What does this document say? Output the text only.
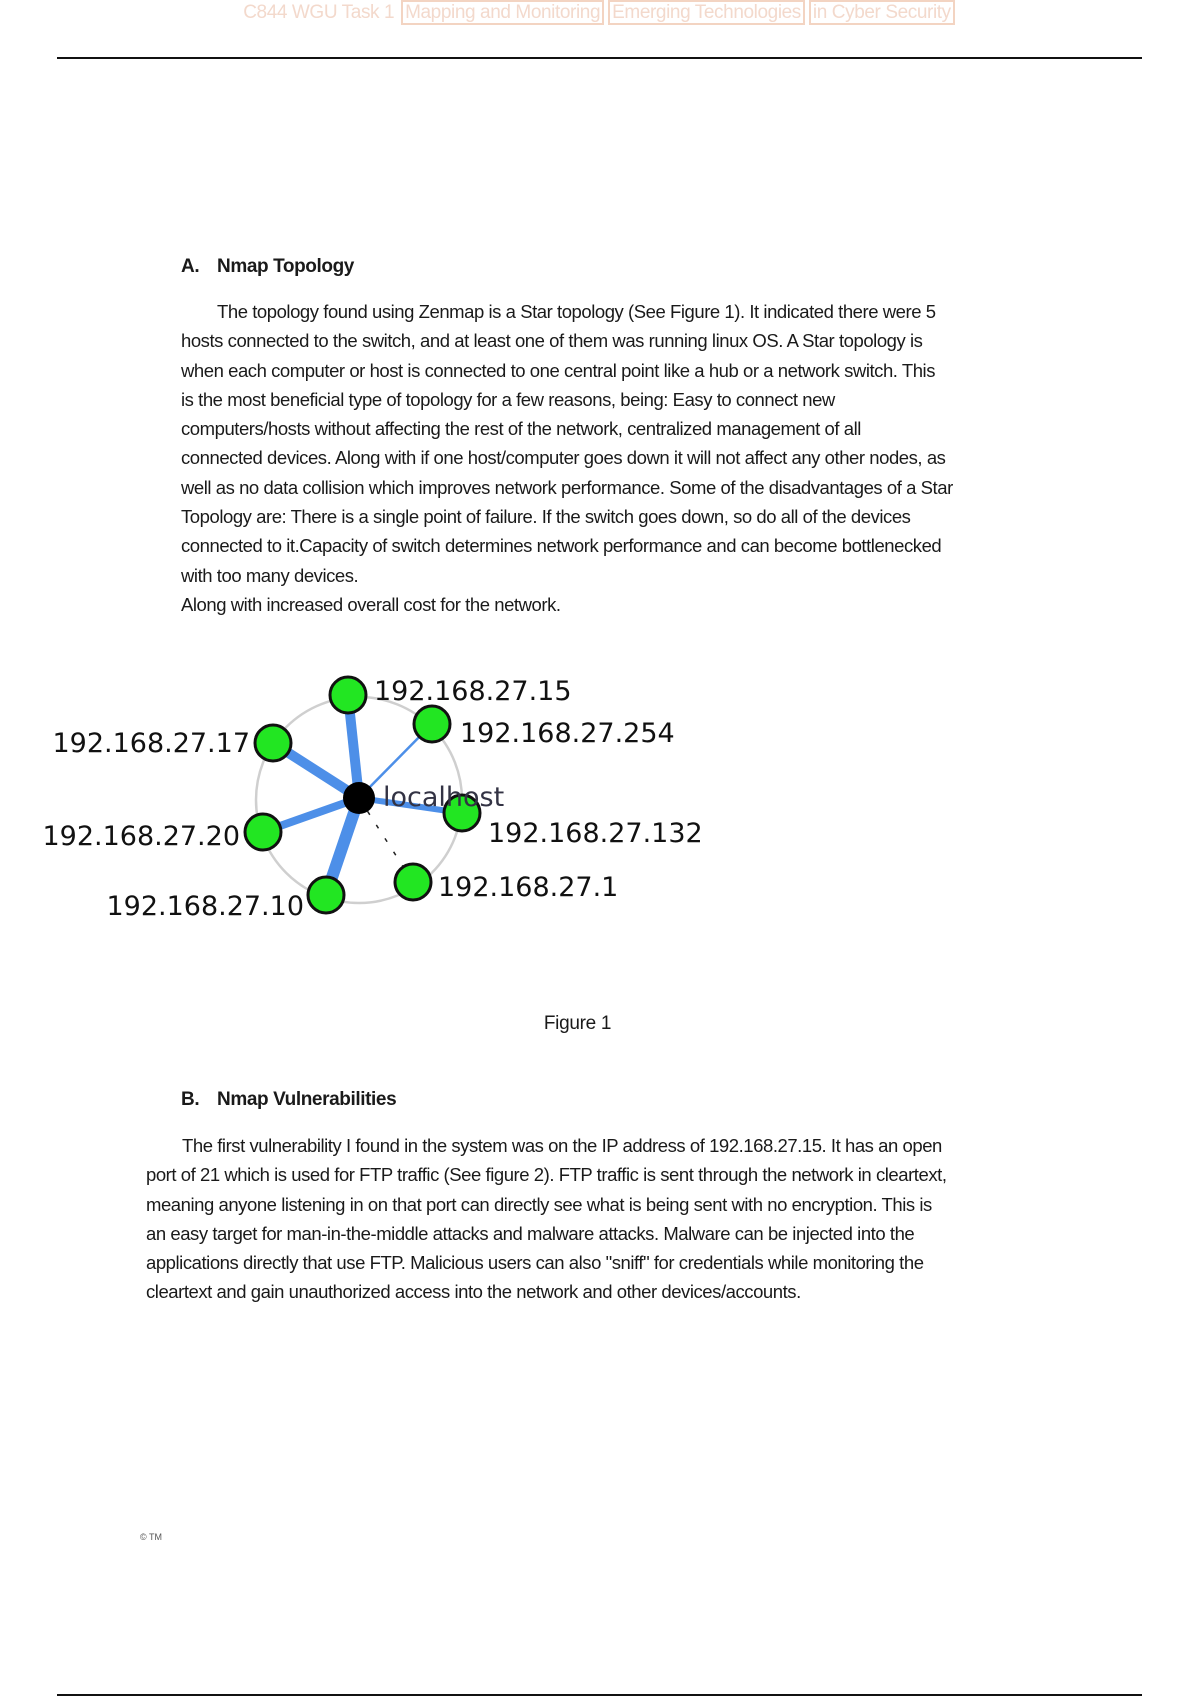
C844 WGU Task 1 Mapping and Monitoring Emerging Technologies in Cyber Security
A. Nmap Topology
The topology found using Zenmap is a Star topology (See Figure 1). It indicated there were 5
hosts connected to the switch, and at least one of them was running linux OS. A Star topology is
when each computer or host is connected to one central point like a hub or a network switch. This
is the most beneficial type of topology for a few reasons, being: Easy to connect new
computers/hosts without affecting the rest of the network, centralized management of all
connected devices. Along with if one host/computer goes down it will not affect any other nodes, as
well as no data collision which improves network performance. Some of the disadvantages of a Star
Topology are: There is a single point of failure. If the switch goes down, so do all of the devices
connected to it.Capacity of switch determines network performance and can become bottlenecked
with too many devices.
Along with increased overall cost for the network.
localhost
192.168.27.15
192.168.27.254
192.168.27.17
192.168.27.132
192.168.27.20
192.168.27.10
192.168.27.1
Figure 1
B. Nmap Vulnerabilities
The first vulnerability I found in the system was on the IP address of 192.168.27.15. It has an open
port of 21 which is used for FTP traffic (See figure 2). FTP traffic is sent through the network in cleartext,
meaning anyone listening in on that port can directly see what is being sent with no encryption. This is
an easy target for man-in-the-middle attacks and malware attacks. Malware can be injected into the
applications directly that use FTP. Malicious users can also "sniff" for credentials while monitoring the
cleartext and gain unauthorized access into the network and other devices/accounts.
© TM
